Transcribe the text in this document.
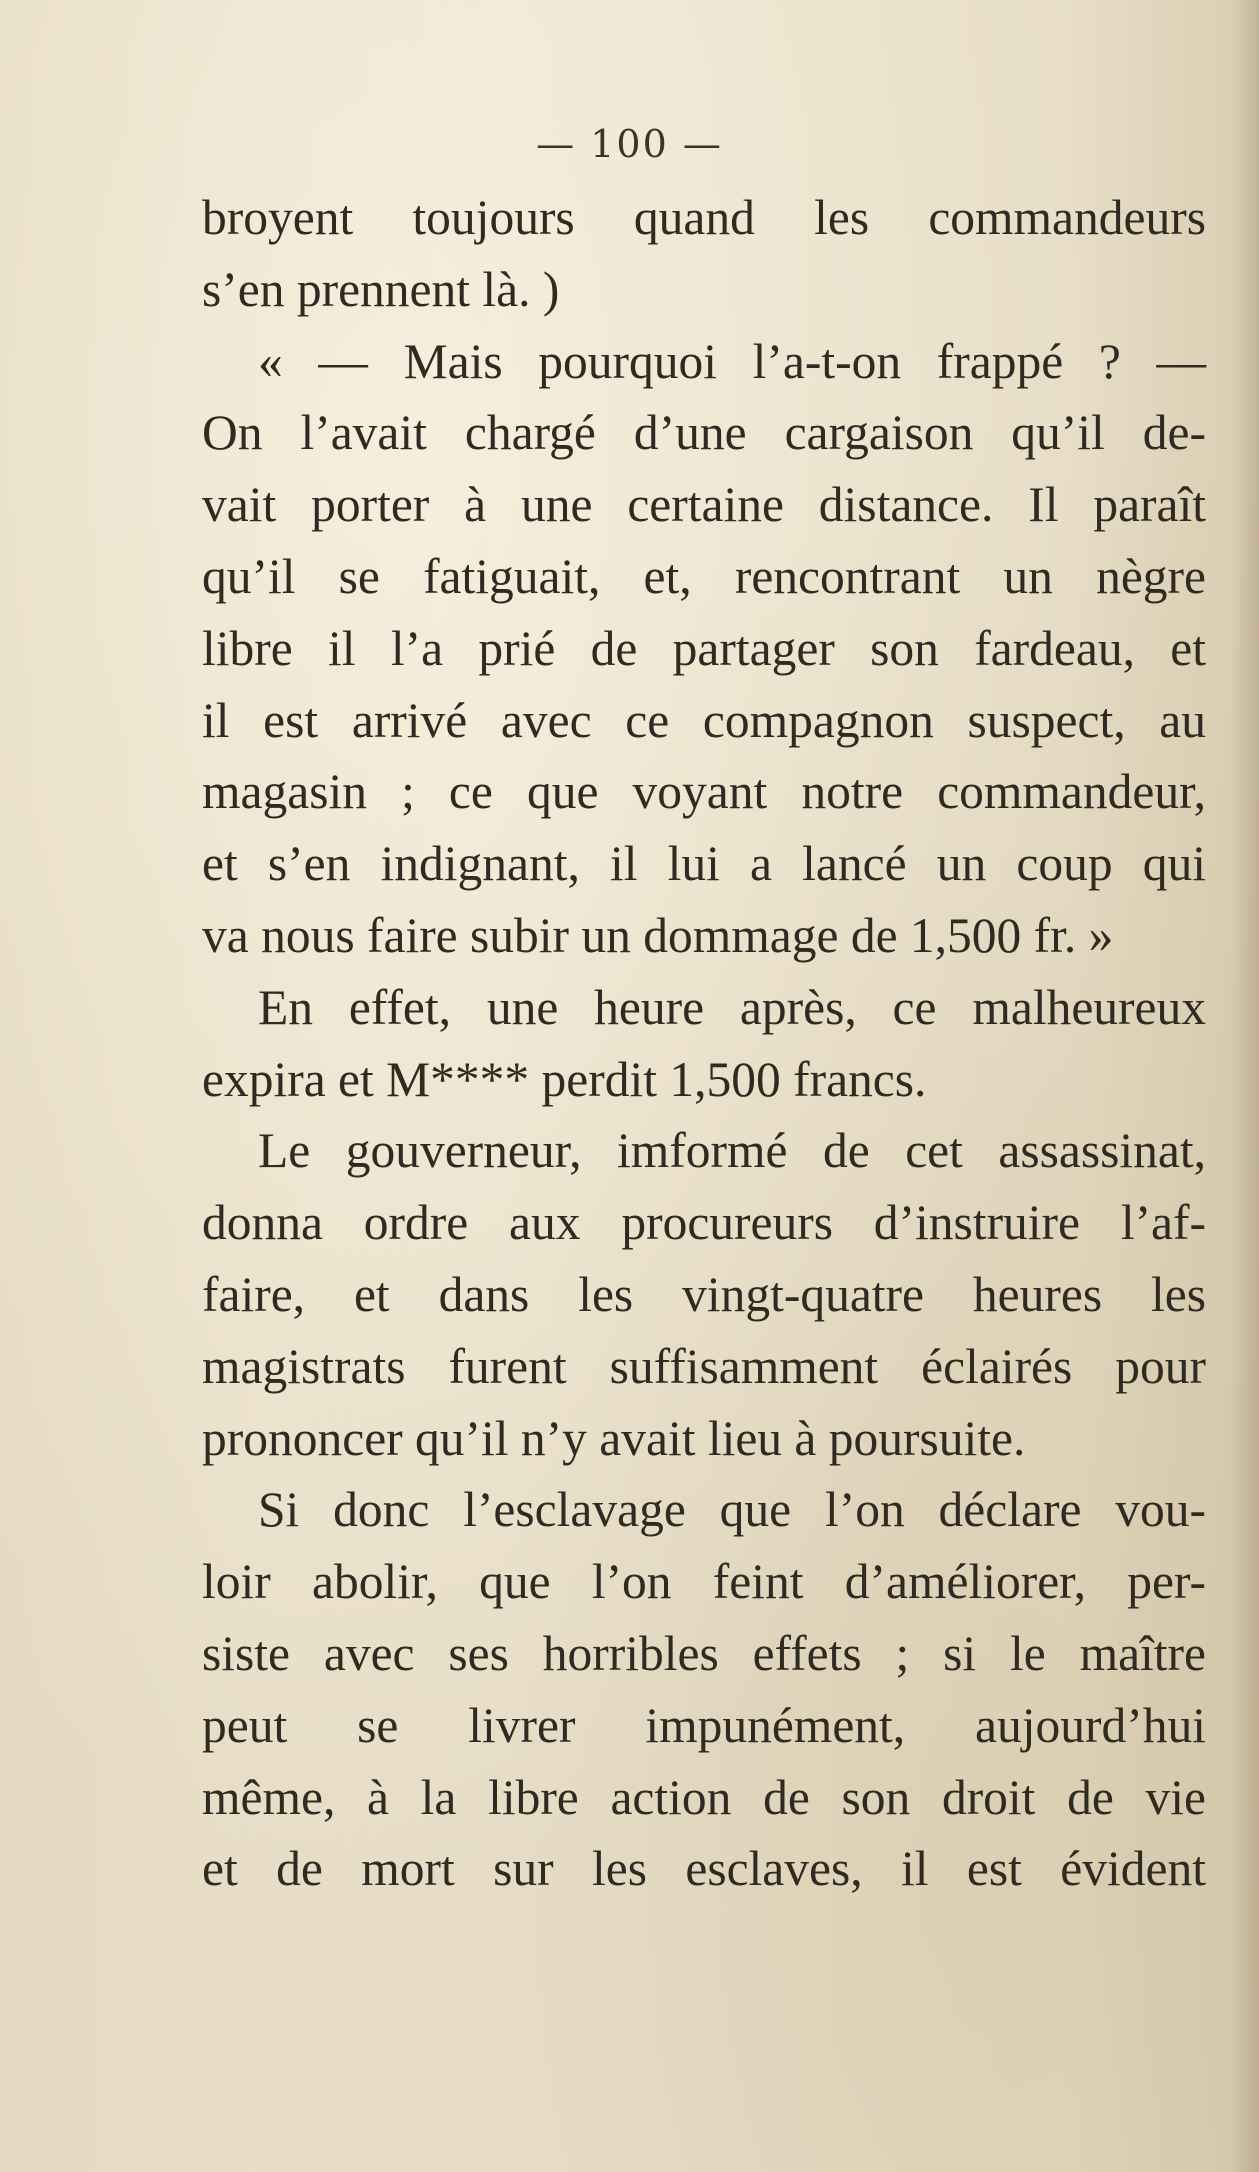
— 100 —
broyent toujours quand les commandeurs
s’en prennent là. )
« — Mais pourquoi l’a-t-on frappé ? —
On l’avait chargé d’une cargaison qu’il de-
vait porter à une certaine distance. Il paraît
qu’il se fatiguait, et, rencontrant un nègre
libre il l’a prié de partager son fardeau, et
il est arrivé avec ce compagnon suspect, au
magasin ; ce que voyant notre commandeur,
et s’en indignant, il lui a lancé un coup qui
va nous faire subir un dommage de 1,500 fr. »
En effet, une heure après, ce malheureux
expira et M**** perdit 1,500 francs.
Le gouverneur, imformé de cet assassinat,
donna ordre aux procureurs d’instruire l’af-
faire, et dans les vingt-quatre heures les
magistrats furent suffisamment éclairés pour
prononcer qu’il n’y avait lieu à poursuite.
Si donc l’esclavage que l’on déclare vou-
loir abolir, que l’on feint d’améliorer, per-
siste avec ses horribles effets ; si le maître
peut se livrer impunément, aujourd’hui
même, à la libre action de son droit de vie
et de mort sur les esclaves, il est évident
